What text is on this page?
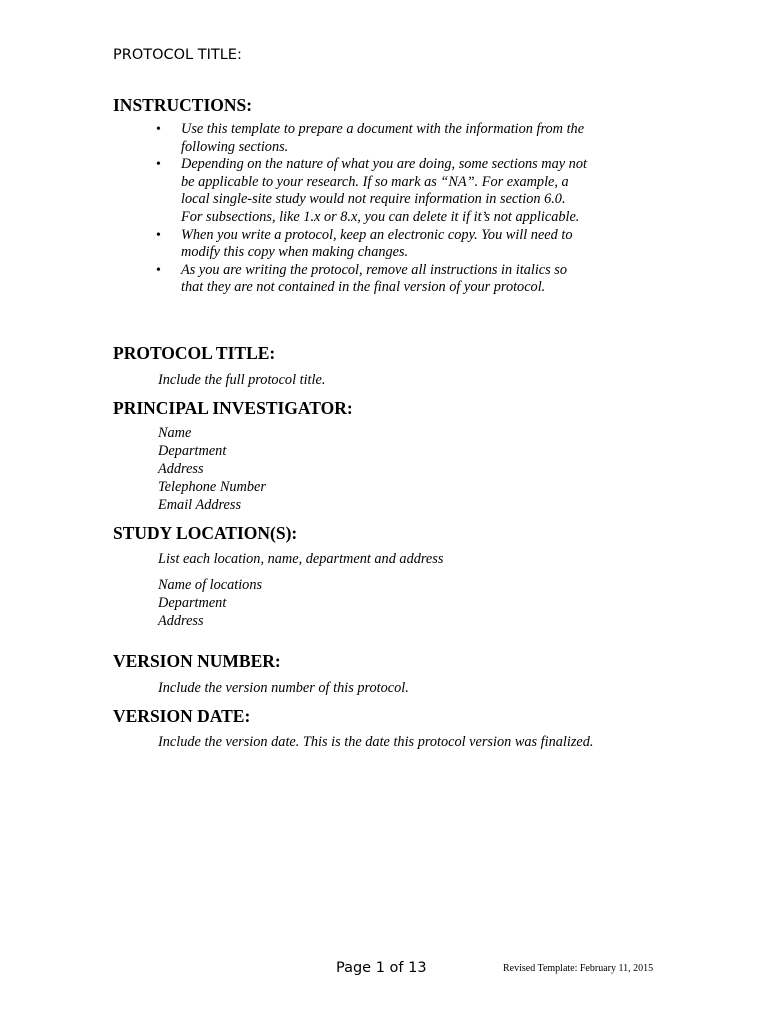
PROTOCOL TITLE:
INSTRUCTIONS:
• Use this template to prepare a document with the information from the
following sections.
• Depending on the nature of what you are doing, some sections may not
be applicable to your research. If so mark as “NA”. For example, a
local single-site study would not require information in section 6.0.
For subsections, like 1.x or 8.x, you can delete it if it’s not applicable.
• When you write a protocol, keep an electronic copy. You will need to
modify this copy when making changes.
• As you are writing the protocol, remove all instructions in italics so
that they are not contained in the final version of your protocol.
PROTOCOL TITLE:
Include the full protocol title.
PRINCIPAL INVESTIGATOR:
Name
Department
Address
Telephone Number
Email Address
STUDY LOCATION(S):
List each location, name, department and address
Name of locations
Department
Address
VERSION NUMBER:
Include the version number of this protocol.
VERSION DATE:
Include the version date. This is the date this protocol version was finalized.
Page 1 of 13	Revised Template: February 11, 2015
